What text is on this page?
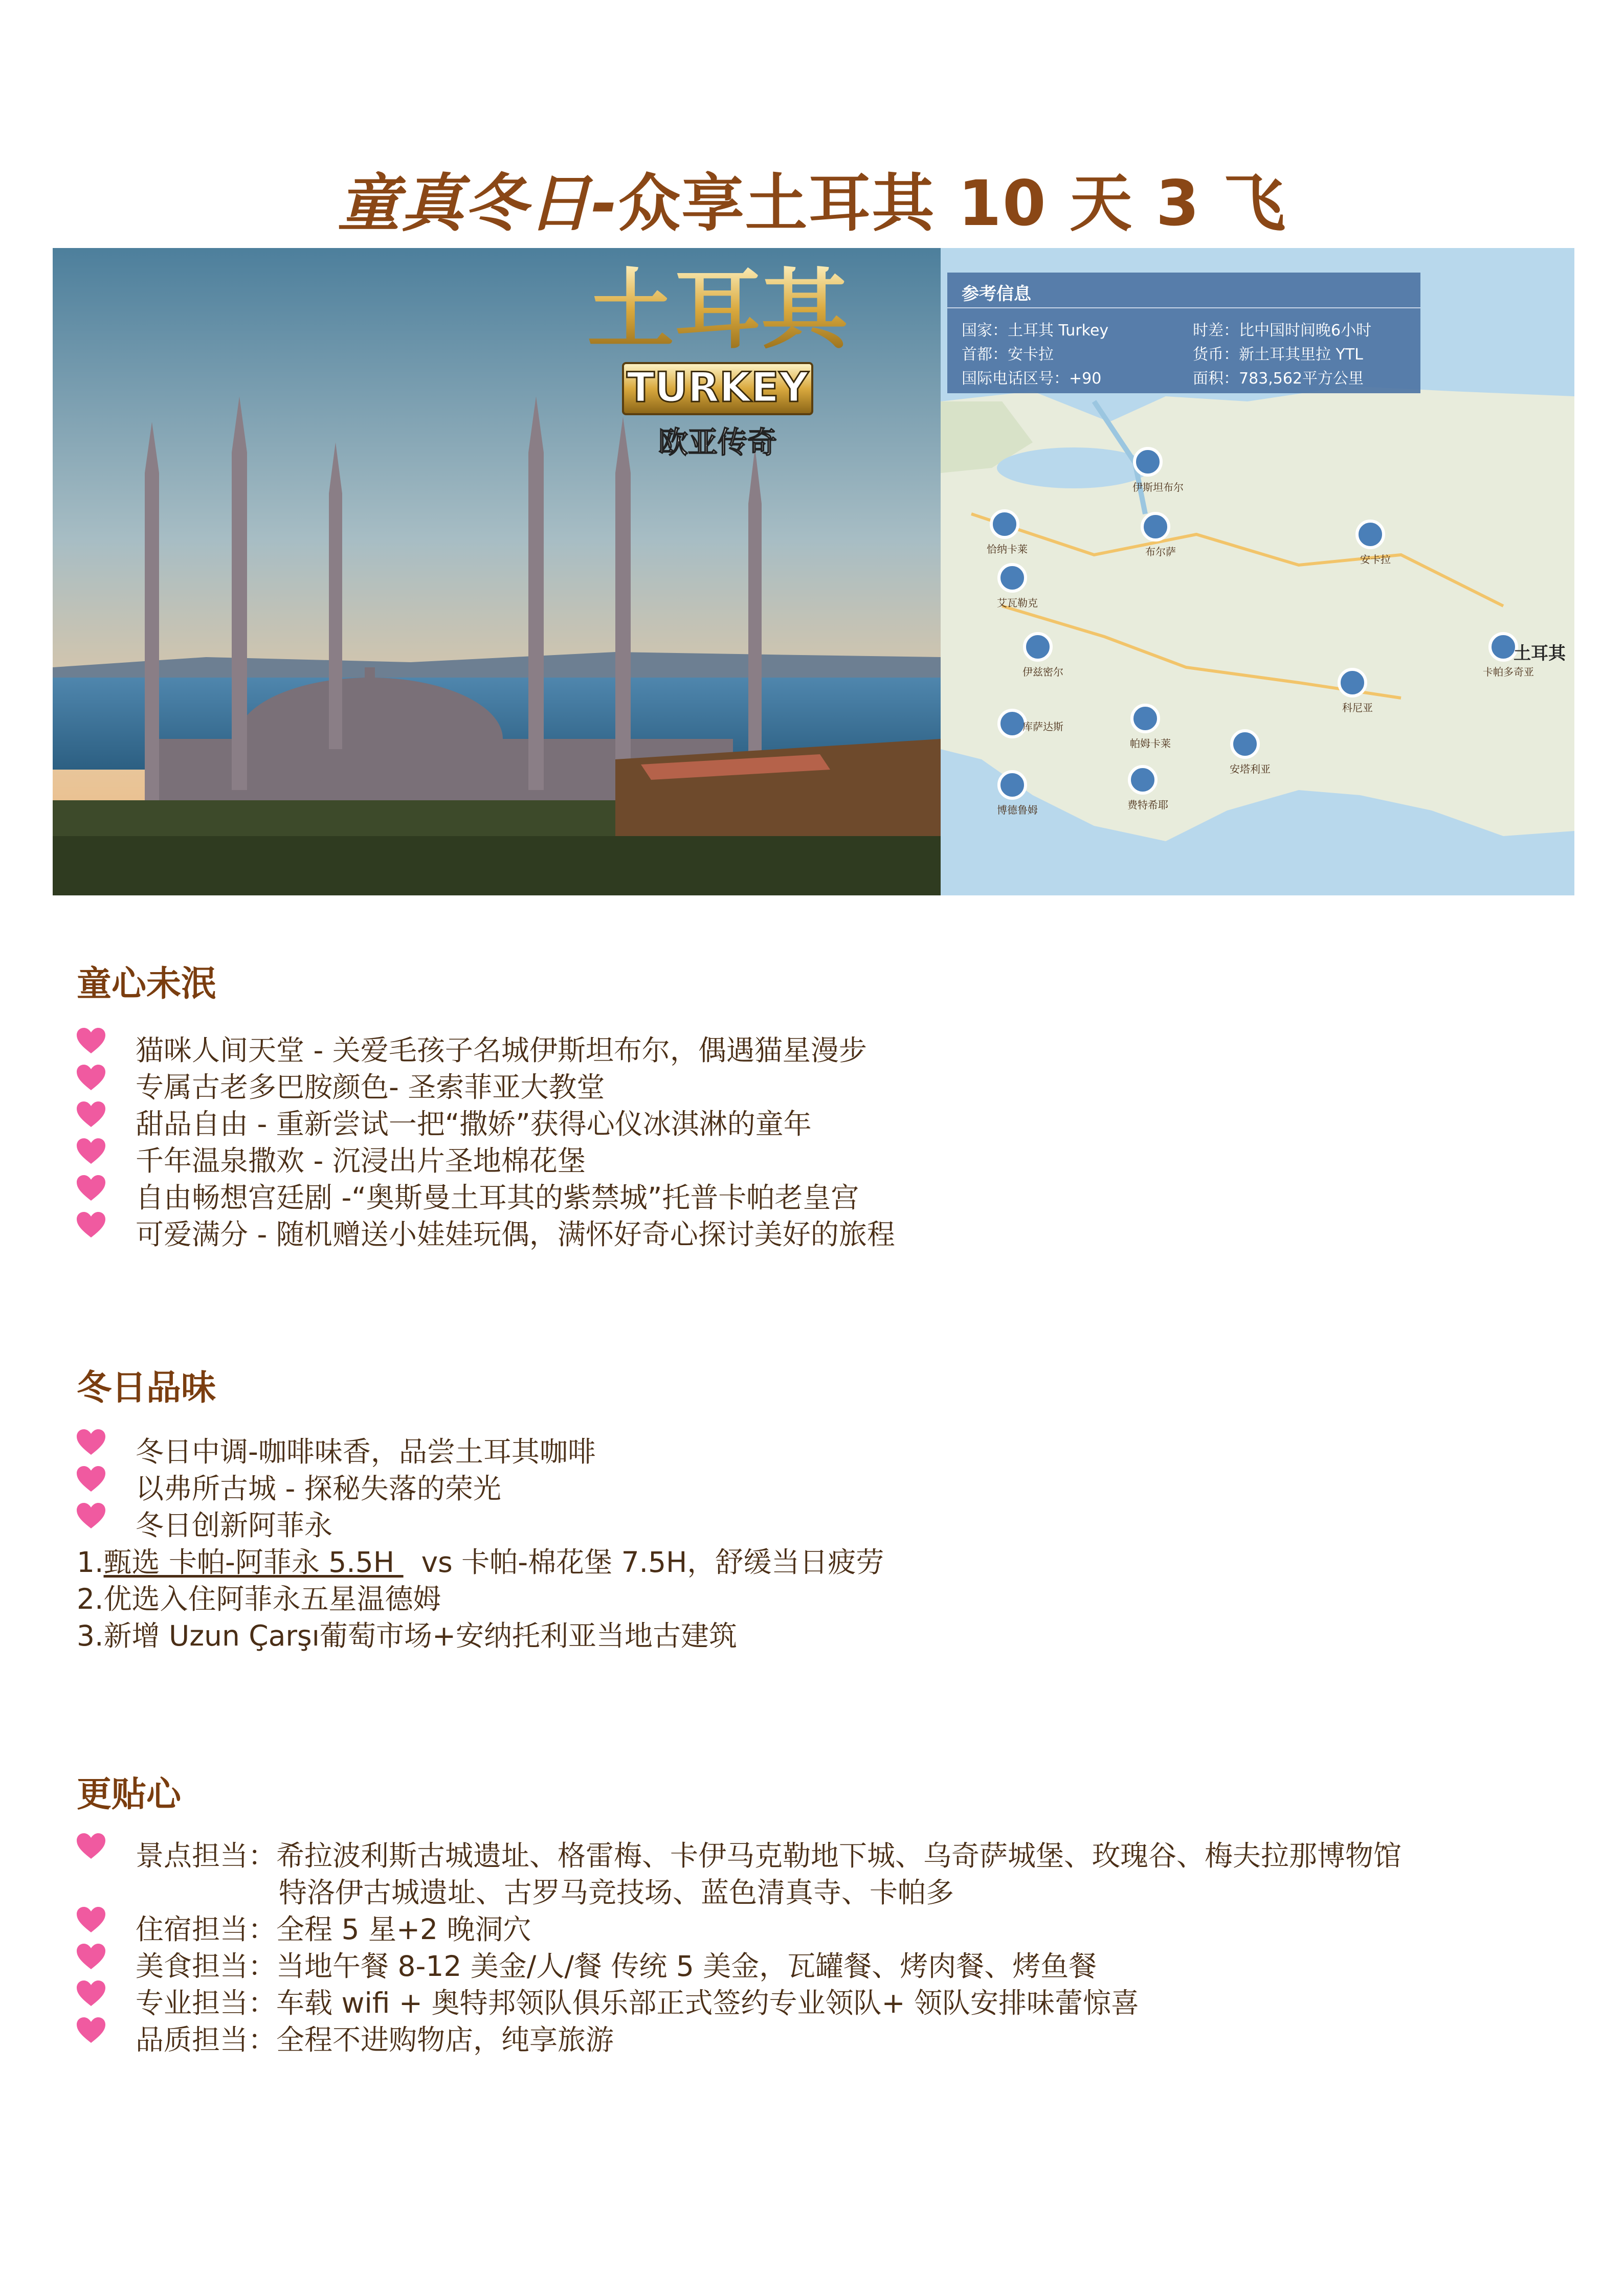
童真冬日-众享土耳其 10 天 3 飞
土耳其
TURKEY
欧亚传奇
参考信息
国家：土耳其 Turkey	时差：比中国时间晚6小时
首都：安卡拉	货币：新土耳其里拉 YTL
国际电话区号：+90	面积：783,562平方公里
土耳其
伊斯坦布尔
布尔萨
恰纳卡莱
艾瓦勒克
伊兹密尔
库萨达斯
博德鲁姆	费特希耶
帕姆卡莱
安塔利亚
科尼亚
安卡拉
卡帕多奇亚
童心未泯
猫咪人间天堂 - 关爱毛孩子名城伊斯坦布尔，偶遇猫星漫步
专属古老多巴胺颜色- 圣索菲亚大教堂
甜品自由 - 重新尝试一把“撒娇”获得心仪冰淇淋的童年
千年温泉撒欢 - 沉浸出片圣地棉花堡
自由畅想宫廷剧 -“奥斯曼土耳其的紫禁城”托普卡帕老皇宫
可爱满分 - 随机赠送小娃娃玩偶，满怀好奇心探讨美好的旅程
冬日品味
冬日中调-咖啡味香，品尝土耳其咖啡
以弗所古城 - 探秘失落的荣光
冬日创新阿菲永
1.甄选 卡帕-阿菲永 5.5H   vs 卡帕-棉花堡 7.5H，舒缓当日疲劳
2.优选入住阿菲永五星温德姆
3.新增 Uzun Çarşı葡萄市场+安纳托利亚当地古建筑
更贴心
景点担当：希拉波利斯古城遗址、格雷梅、卡伊马克勒地下城、乌奇萨城堡、玫瑰谷、梅夫拉那博物馆
特洛伊古城遗址、古罗马竞技场、蓝色清真寺、卡帕多
住宿担当：全程 5 星+2 晚洞穴
美食担当：当地午餐 8-12 美金/人/餐 传统 5 美金，瓦罐餐、烤肉餐、烤鱼餐
专业担当：车载 wifi + 奥特邦领队俱乐部正式签约专业领队+ 领队安排味蕾惊喜
品质担当：全程不进购物店，纯享旅游
